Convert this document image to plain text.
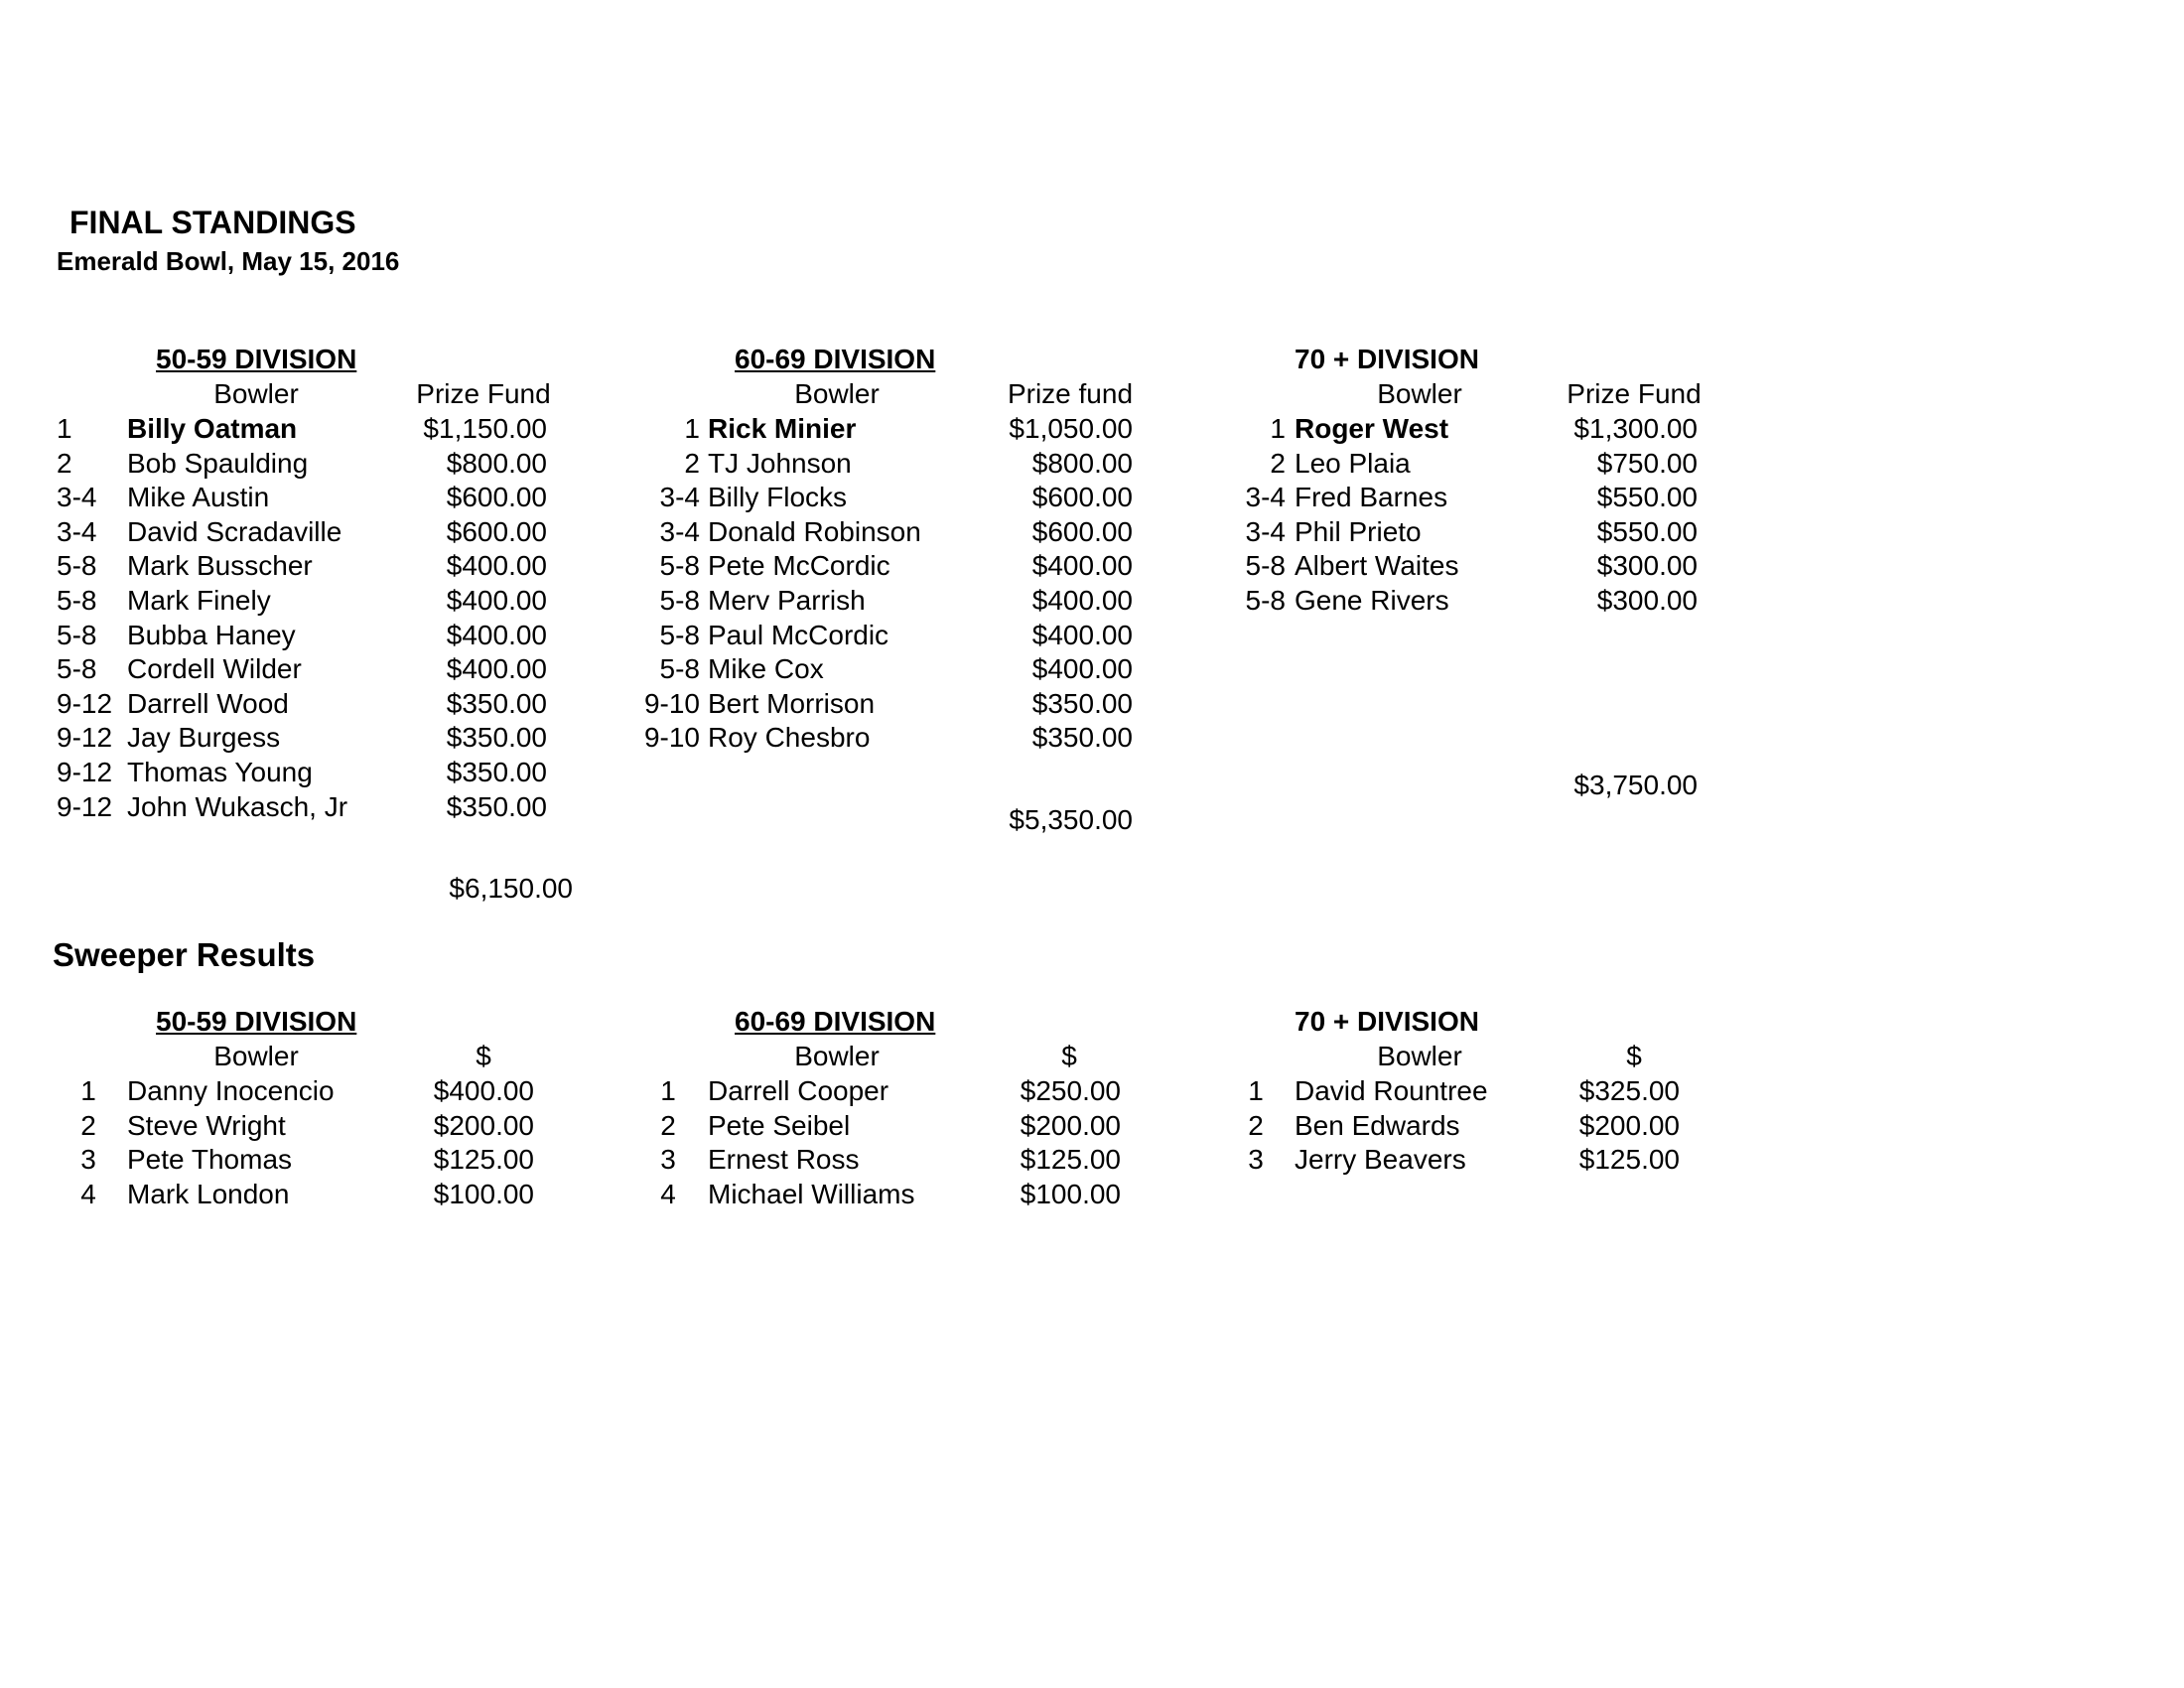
FINAL STANDINGS
Emerald Bowl, May 15, 2016
50-59 DIVISION
Bowler	Prize Fund
1 Billy Oatman	$1,150.00
2 Bob Spaulding	$800.00
3-4 Mike Austin	$600.00
3-4 David Scradaville	$600.00
5-8 Mark Busscher	$400.00
5-8 Mark Finely	$400.00
5-8 Bubba Haney	$400.00
5-8 Cordell Wilder	$400.00
9-12 Darrell Wood	$350.00
9-12 Jay Burgess	$350.00
9-12 Thomas Young	$350.00
9-12 John Wukasch, Jr	$350.00
60-69 DIVISION
Bowler	Prize fund
1 Rick Minier	$1,050.00
2 TJ Johnson	$800.00
3-4 Billy Flocks	$600.00
3-4 Donald Robinson	$600.00
5-8 Pete McCordic	$400.00
5-8 Merv Parrish	$400.00
5-8 Paul McCordic	$400.00
5-8 Mike Cox	$400.00
9-10 Bert Morrison	$350.00
9-10 Roy Chesbro	$350.00
70 + DIVISION
Bowler	Prize Fund
1 Roger West	$1,300.00
2 Leo Plaia	$750.00
3-4 Fred Barnes	$550.00
3-4 Phil Prieto	$550.00
5-8 Albert Waites	$300.00
5-8 Gene Rivers	$300.00
$6,150.00
$5,350.00
$3,750.00
Sweeper Results
50-59 DIVISION
Bowler	$
1	Danny Inocencio	$400.00
2	Steve Wright	$200.00
3	Pete Thomas	$125.00
4	Mark London	$100.00
60-69 DIVISION
Bowler	$
1	Darrell Cooper	$250.00
2	Pete Seibel	$200.00
3	Ernest Ross	$125.00
4	Michael Williams	$100.00
70 + DIVISION
Bowler	$
1	David Rountree	$325.00
2	Ben Edwards	$200.00
3	Jerry Beavers	$125.00
